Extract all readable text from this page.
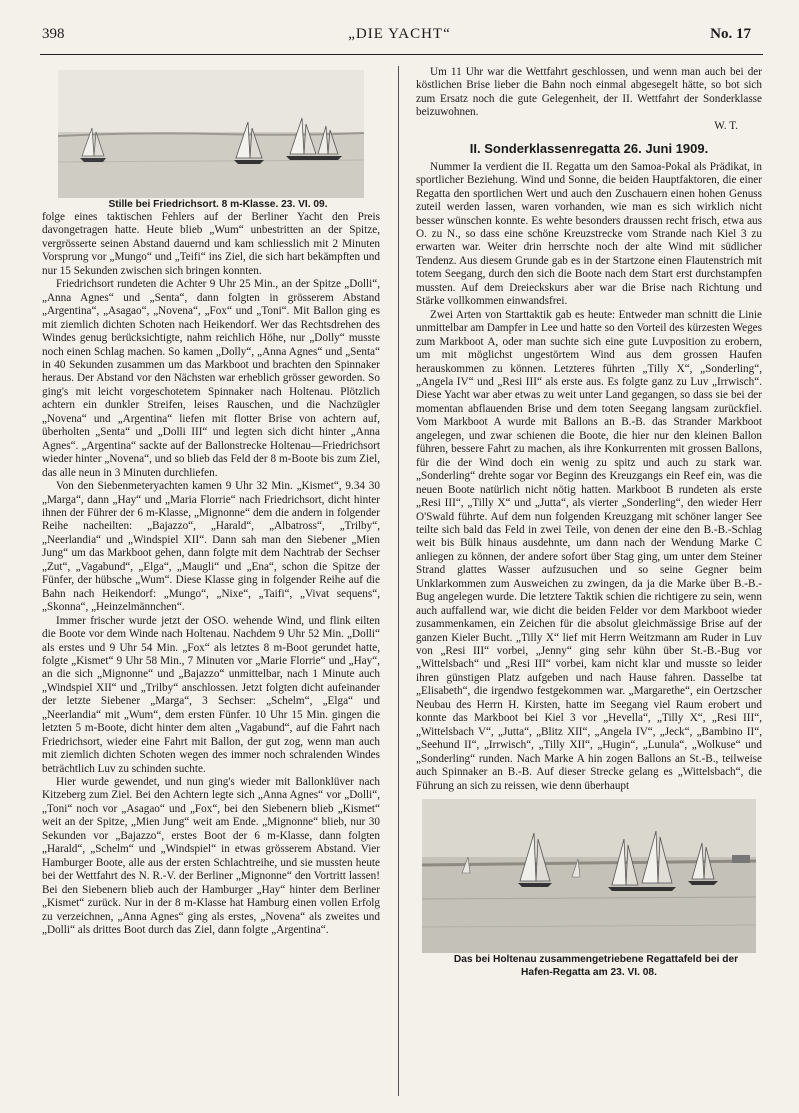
398	„DIE YACHT“	No. 17

Stille bei Friedrichsort. 8 m-Klasse. 23. VI. 09.

folge eines taktischen Fehlers auf der Berliner Yacht den Preis davongetragen hatte. Heute blieb „Wum“ unbestritten an der Spitze, vergrösserte seinen Abstand dauernd und kam schliesslich mit 2 Minuten Vorsprung vor „Mungo“ und „Teifi“ ins Ziel, die sich hart bekämpften und nur 15 Sekunden zwischen sich bringen konnten.

Friedrichsort rundeten die Achter 9 Uhr 25 Min., an der Spitze „Dolli“, „Anna Agnes“ und „Senta“, dann folgten in grösserem Abstand „Argentina“, „Asagao“, „Novena“, „Fox“ und „Toni“. Mit Ballon ging es mit ziemlich dichten Schoten nach Heikendorf. Wer das Rechtsdrehen des Windes genug berücksichtigte, nahm reichlich Höhe, nur „Dolly“ musste noch einen Schlag machen. So kamen „Dolly“, „Anna Agnes“ und „Senta“ in 40 Sekunden zusammen um das Markboot und brachten den Spinnaker heraus. Der Abstand vor den Nächsten war erheblich grösser geworden. So ging's mit leicht vorgeschotetem Spinnaker nach Holtenau. Plötzlich achtern ein dunkler Streifen, leises Rauschen, und die Nachzügler „Novena“ und „Argentina“ liefen mit flotter Brise von achtern auf, überholten „Senta“ und „Dolli III“ und legten sich dicht hinter „Anna Agnes“. „Argentina“ sackte auf der Ballonstrecke Holtenau—Friedrichsort wieder hinter „Novena“, und so blieb das Feld der 8 m-Boote bis zum Ziel, das alle neun in 3 Minuten durchliefen.

Von den Siebenmeteryachten kamen 9 Uhr 32 Min. „Kismet“, 9.34 30 „Marga“, dann „Hay“ und „Maria Florrie“ nach Friedrichsort, dicht hinter ihnen der Führer der 6 m-Klasse, „Mignonne“ dem die andern in folgender Reihe nacheilten: „Bajazzo“, „Harald“, „Albatross“, „Trilby“, „Neerlandia“ und „Windspiel XII“. Dann sah man den Siebener „Mien Jung“ um das Markboot gehen, dann folgte mit dem Nachtrab der Sechser „Zut“, „Vagabund“, „Elga“, „Maugli“ und „Ena“, schon die Spitze der Fünfer, der hübsche „Wum“. Diese Klasse ging in folgender Reihe auf die Bahn nach Heikendorf: „Mungo“, „Nixe“, „Taifi“, „Vivat sequens“, „Skonna“, „Heinzelmännchen“.

Immer frischer wurde jetzt der OSO. wehende Wind, und flink eilten die Boote vor dem Winde nach Holtenau. Nachdem 9 Uhr 52 Min. „Dolli“ als erstes und 9 Uhr 54 Min. „Fox“ als letztes 8 m-Boot gerundet hatte, folgte „Kismet“ 9 Uhr 58 Min., 7 Minuten vor „Marie Florrie“ und „Hay“, an die sich „Mignonne“ und „Bajazzo“ unmittelbar, nach 1 Minute auch „Windspiel XII“ und „Trilby“ anschlossen. Jetzt folgten dicht aufeinander der letzte Siebener „Marga“, 3 Sechser: „Schelm“, „Elga“ und „Neerlandia“ mit „Wum“, dem ersten Fünfer. 10 Uhr 15 Min. gingen die letzten 5 m-Boote, dicht hinter dem alten „Vagabund“, auf die Fahrt nach Friedrichsort, wieder eine Fahrt mit Ballon, der gut zog, wenn man auch mit ziemlich dichten Schoten wegen des immer noch schralenden Windes beträchtlich Luv zu schinden suchte.

Hier wurde gewendet, und nun ging's wieder mit Ballonklüver nach Kitzeberg zum Ziel. Bei den Achtern legte sich „Anna Agnes“ vor „Dolli“, „Toni“ noch vor „Asagao“ und „Fox“, bei den Siebenern blieb „Kismet“ weit an der Spitze, „Mien Jung“ weit am Ende. „Mignonne“ blieb, nur 30 Sekunden vor „Bajazzo“, erstes Boot der 6 m-Klasse, dann folgten „Harald“, „Schelm“ und „Windspiel“ in etwas grösserem Abstand. Vier Hamburger Boote, alle aus der ersten Schlachtreihe, und sie mussten heute bei der Wettfahrt des N. R.-V. der Berliner „Mignonne“ den Vortritt lassen! Bei den Siebenern blieb auch der Hamburger „Hay“ hinter dem Berliner „Kismet“ zurück. Nur in der 8 m-Klasse hat Hamburg einen vollen Erfolg zu verzeichnen, „Anna Agnes“ ging als erstes, „Novena“ als zweites und „Dolli“ als drittes Boot durch das Ziel, dann folgte „Argentina“.

Um 11 Uhr war die Wettfahrt geschlossen, und wenn man auch bei der köstlichen Brise lieber die Bahn noch einmal abgesegelt hätte, so bot sich zum Ersatz noch die gute Gelegenheit, der II. Wettfahrt der Sonderklasse beizuwohnen.

W. T.

II. Sonderklassenregatta 26. Juni 1909.

Nummer Ia verdient die II. Regatta um den Samoa-Pokal als Prädikat, in sportlicher Beziehung. Wind und Sonne, die beiden Hauptfaktoren, die einer Regatta den sportlichen Wert und auch den Zuschauern einen hohen Genuss zuteil werden lassen, waren vorhanden, wie man es sich wirklich nicht besser wünschen konnte. Es wehte besonders draussen recht frisch, etwa aus O. zu N., so dass eine schöne Kreuzstrecke vom Strande nach Kiel 3 zu erwarten war. Weiter drin herrschte noch der alte Wind mit südlicher Tendenz. Aus diesem Grunde gab es in der Startzone einen Flautenstrich mit totem Seegang, durch den sich die Boote nach dem Start erst durchstampfen mussten. Auf dem Dreieckskurs aber war die Brise nach Richtung und Stärke vollkommen einwandsfrei.

Zwei Arten von Starttaktik gab es heute: Entweder man schnitt die Linie unmittelbar am Dampfer in Lee und hatte so den Vorteil des kürzesten Weges zum Markboot A, oder man suchte sich eine gute Luvposition zu erobern, um mit möglichst ungestörtem Wind aus dem grossen Haufen herauskommen zu können. Letzteres führten „Tilly X“, „Sonderling“, „Angela IV“ und „Resi III“ als erste aus. Es folgte ganz zu Luv „Irrwisch“. Diese Yacht war aber etwas zu weit unter Land gegangen, so dass sie bei der momentan abflauenden Brise und dem toten Seegang langsam zurückfiel. Vom Markboot A wurde mit Ballons an B.-B. das Strander Markboot angelegen, und zwar schienen die Boote, die hier nur den kleinen Ballon führen, bessere Fahrt zu machen, als ihre Konkurrenten mit grossen Ballons, für die der Wind doch ein wenig zu spitz und auch zu stark war. „Sonderling“ drehte sogar vor Beginn des Kreuzgangs ein Reef ein, was die neuen Boote natürlich nicht nötig hatten. Markboot B rundeten als erste „Resi III“, „Tilly X“ und „Jutta“, als vierter „Sonderling“, den wieder Herr O'Swald führte. Auf dem nun folgenden Kreuzgang mit schöner langer See teilte sich bald das Feld in zwei Teile, von denen der eine den B.-B.-Schlag weit bis Bülk hinaus ausdehnte, um dann nach der Wendung Marke C anliegen zu können, der andere sofort über Stag ging, um unter dem Steiner Strand glattes Wasser aufzusuchen und so seine Gegner beim Unklarkommen zum Ausweichen zu zwingen, da ja die Marke über B.-B.-Bug angelegen wurde. Die letztere Taktik schien die richtigere zu sein, wenn auch auffallend war, wie dicht die beiden Felder vor dem Markboot wieder zusammenkamen, ein Zeichen für die absolut gleichmässige Brise auf der ganzen Kieler Bucht. „Tilly X“ lief mit Herrn Weitzmann am Ruder in Luv von „Resi III“ vorbei, „Jenny“ ging sehr kühn über St.-B.-Bug vor „Wittelsbach“ und „Resi III“ vorbei, kam nicht klar und musste so leider ihren günstigen Platz aufgeben und nach Hause fahren. Dasselbe tat „Elisabeth“, die irgendwo festgekommen war. „Margarethe“, ein Oertzscher Neubau des Herrn H. Kirsten, hatte im Seegang viel Raum erobert und konnte das Markboot bei Kiel 3 vor „Hevella“, „Tilly X“, „Resi III“, „Wittelsbach V“, „Jutta“, „Blitz XII“, „Angela IV“, „Jeck“, „Bambino II“, „Seehund II“, „Irrwisch“, „Tilly XII“, „Hugin“, „Lunula“, „Wolkuse“ und „Sonderling“ runden. Nach Marke A hin zogen Ballons an St.-B., teilweise auch Spinnaker an B.-B. Auf dieser Strecke gelang es „Wittelsbach“, die Führung an sich zu reissen, wie denn überhaupt

Das bei Holtenau zusammengetriebene Regattafeld bei der
Hafen-Regatta am 23. VI. 08.
